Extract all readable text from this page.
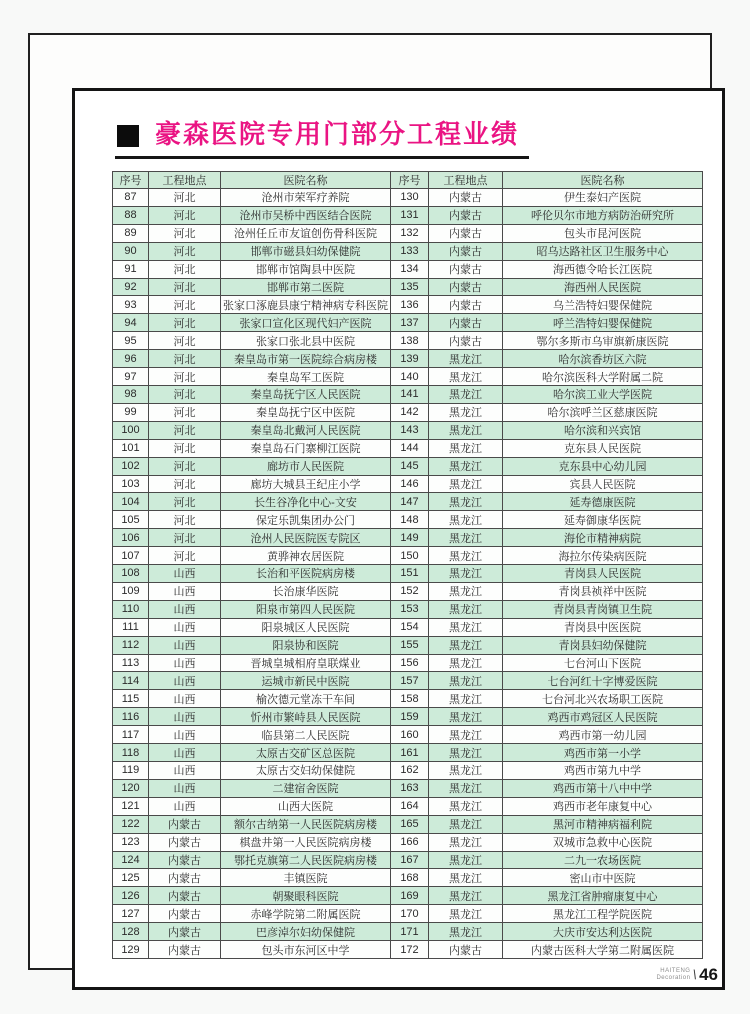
豪森医院专用门部分工程业绩
序号	工程地点	医院名称	序号	工程地点	医院名称
87	河北	沧州市荣军疗养院	130	内蒙古	伊生泰妇产医院
88	河北	沧州市吴桥中西医结合医院	131	内蒙古	呼伦贝尔市地方病防治研究所
89	河北	沧州任丘市友谊创伤骨科医院	132	内蒙古	包头市昆河医院
90	河北	邯郸市磁县妇幼保健院	133	内蒙古	昭乌达路社区卫生服务中心
91	河北	邯郸市馆陶县中医院	134	内蒙古	海西德令哈长江医院
92	河北	邯郸市第二医院	135	内蒙古	海西州人民医院
93	河北	张家口涿鹿县康宁精神病专科医院	136	内蒙古	乌兰浩特妇婴保健院
94	河北	张家口宣化区现代妇产医院	137	内蒙古	呼兰浩特妇婴保健院
95	河北	张家口张北县中医院	138	内蒙古	鄂尔多斯市乌审旗新康医院
96	河北	秦皇岛市第一医院综合病房楼	139	黑龙江	哈尔滨香坊区六院
97	河北	秦皇岛军工医院	140	黑龙江	哈尔滨医科大学附属二院
98	河北	秦皇岛抚宁区人民医院	141	黑龙江	哈尔滨工业大学医院
99	河北	秦皇岛抚宁区中医院	142	黑龙江	哈尔滨呼兰区慈康医院
100	河北	秦皇岛北戴河人民医院	143	黑龙江	哈尔滨和兴宾馆
101	河北	秦皇岛石门寨柳江医院	144	黑龙江	克东县人民医院
102	河北	廊坊市人民医院	145	黑龙江	克东县中心幼儿园
103	河北	廊坊大城县王纪庄小学	146	黑龙江	宾县人民医院
104	河北	长生谷净化中心-文安	147	黑龙江	延寿德康医院
105	河北	保定乐凯集团办公门	148	黑龙江	延寿御康华医院
106	河北	沧州人民医院医专院区	149	黑龙江	海伦市精神病院
107	河北	黄骅神农居医院	150	黑龙江	海拉尔传染病医院
108	山西	长治和平医院病房楼	151	黑龙江	青岗县人民医院
109	山西	长治康华医院	152	黑龙江	青岗县祯祥中医院
110	山西	阳泉市第四人民医院	153	黑龙江	青岗县青岗镇卫生院
111	山西	阳泉城区人民医院	154	黑龙江	青岗县中医医院
112	山西	阳泉协和医院	155	黑龙江	青岗县妇幼保健院
113	山西	晋城皇城相府皇联煤业	156	黑龙江	七台河山下医院
114	山西	运城市新民中医院	157	黑龙江	七台河红十字博爱医院
115	山西	榆次德元堂冻干车间	158	黑龙江	七台河北兴农场职工医院
116	山西	忻州市繁峙县人民医院	159	黑龙江	鸡西市鸡冠区人民医院
117	山西	临县第二人民医院	160	黑龙江	鸡西市第一幼儿园
118	山西	太原古交矿区总医院	161	黑龙江	鸡西市第一小学
119	山西	太原古交妇幼保健院	162	黑龙江	鸡西市第九中学
120	山西	二建宿舍医院	163	黑龙江	鸡西市第十八中中学
121	山西	山西大医院	164	黑龙江	鸡西市老年康复中心
122	内蒙古	额尔古纳第一人民医院病房楼	165	黑龙江	黑河市精神病福利院
123	内蒙古	棋盘井第一人民医院病房楼	166	黑龙江	双城市急救中心医院
124	内蒙古	鄂托克旗第二人民医院病房楼	167	黑龙江	二九一农场医院
125	内蒙古	丰镇医院	168	黑龙江	密山市中医院
126	内蒙古	朝聚眼科医院	169	黑龙江	黑龙江省肿瘤康复中心
127	内蒙古	赤峰学院第二附属医院	170	黑龙江	黑龙江工程学院医院
128	内蒙古	巴彦淖尔妇幼保健院	171	黑龙江	大庆市安达利达医院
129	内蒙古	包头市东河区中学	172	内蒙古	内蒙古医科大学第二附属医院
HAITENG
Decoration \ 46
